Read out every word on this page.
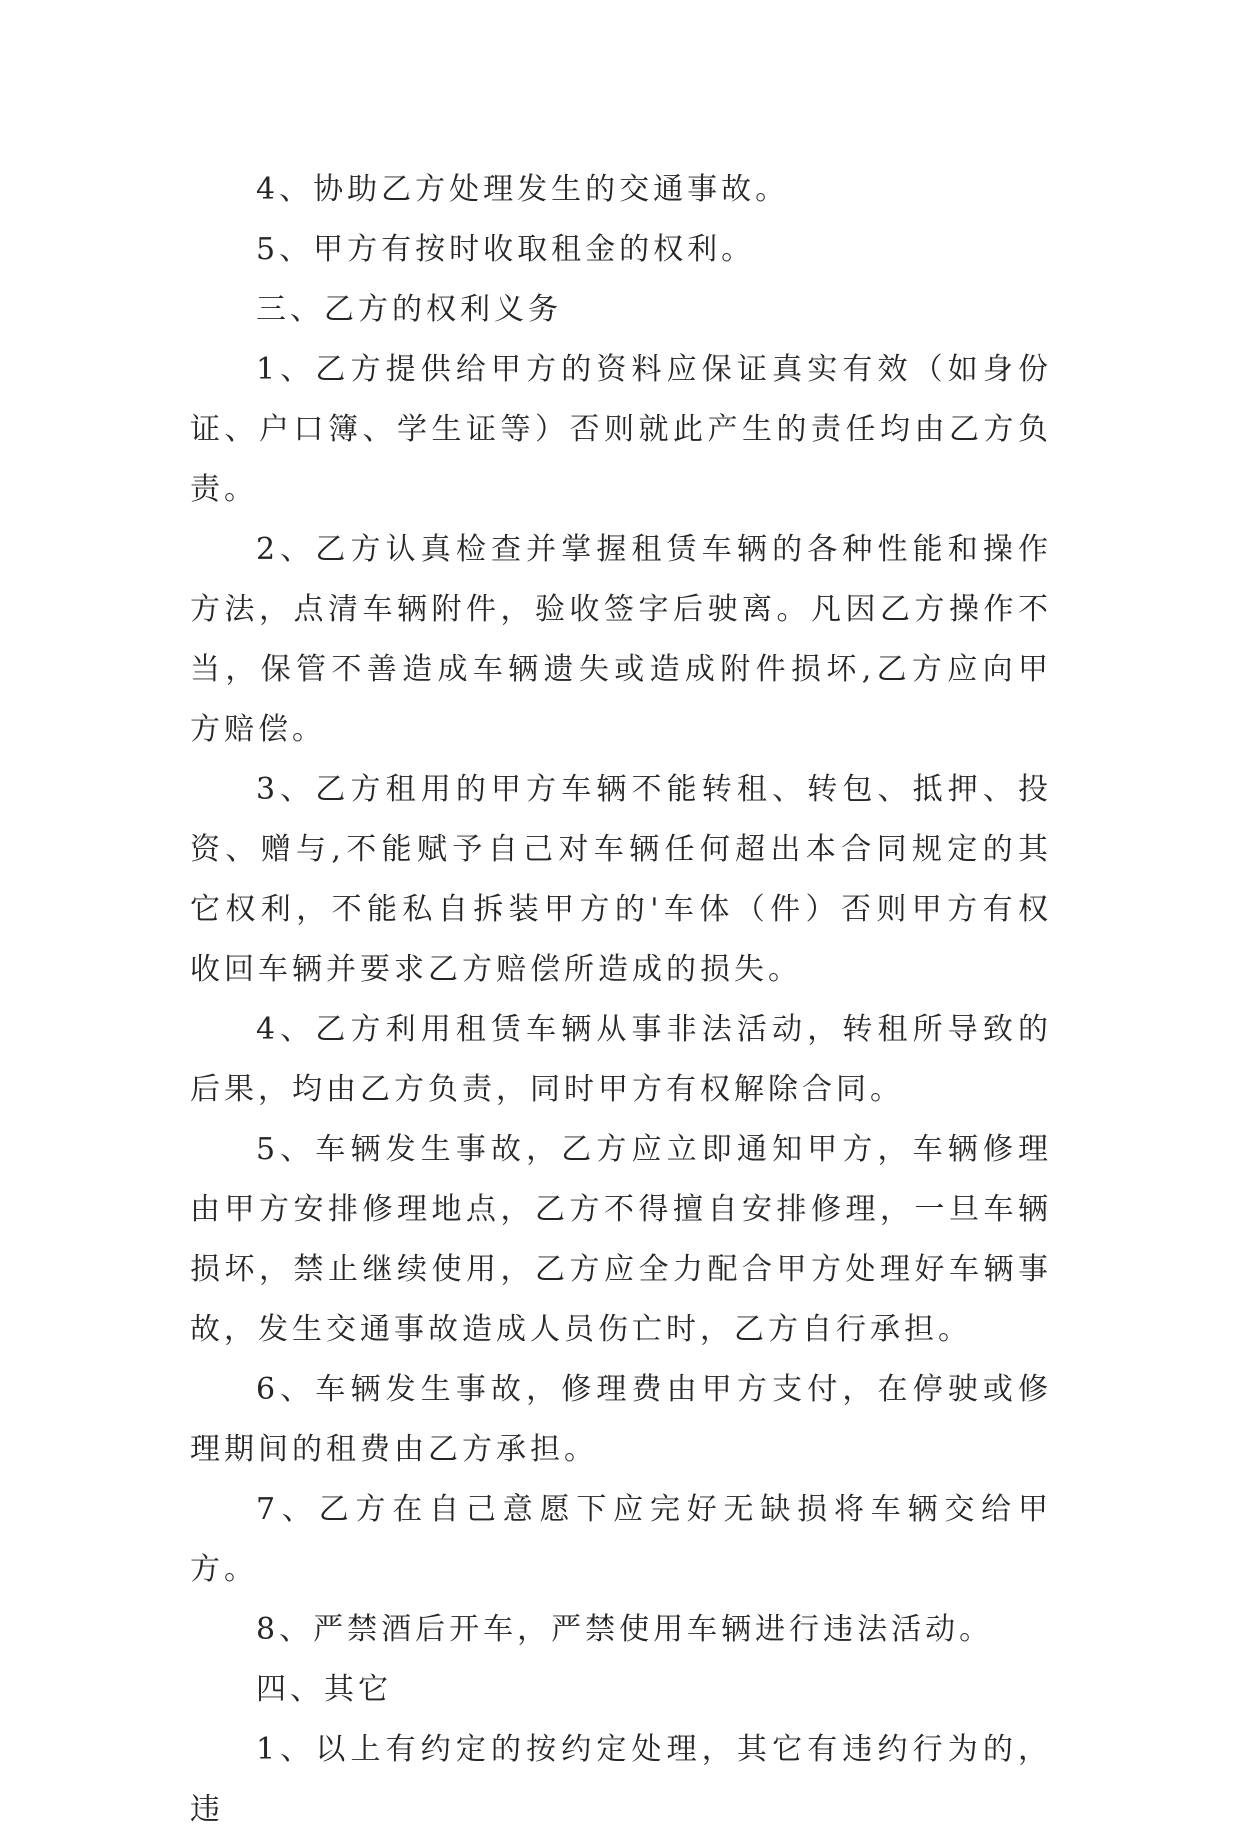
4、协助乙方处理发生的交通事故。

5、甲方有按时收取租金的权利。

三、乙方的权利义务

1、乙方提供给甲方的资料应保证真实有效（如身份证、户口簿、学生证等）否则就此产生的责任均由乙方负责。

2、乙方认真检查并掌握租赁车辆的各种性能和操作方法，点清车辆附件，验收签字后驶离。凡因乙方操作不当，保管不善造成车辆遗失或造成附件损坏,乙方应向甲方赔偿。

3、乙方租用的甲方车辆不能转租、转包、抵押、投资、赠与,不能赋予自己对车辆任何超出本合同规定的其它权利，不能私自拆装甲方的'车体（件）否则甲方有权收回车辆并要求乙方赔偿所造成的损失。

4、乙方利用租赁车辆从事非法活动，转租所导致的后果，均由乙方负责，同时甲方有权解除合同。

5、车辆发生事故，乙方应立即通知甲方，车辆修理由甲方安排修理地点，乙方不得擅自安排修理，一旦车辆损坏，禁止继续使用，乙方应全力配合甲方处理好车辆事故，发生交通事故造成人员伤亡时，乙方自行承担。

6、车辆发生事故，修理费由甲方支付，在停驶或修理期间的租费由乙方承担。

7、乙方在自己意愿下应完好无缺损将车辆交给甲方。

8、严禁酒后开车，严禁使用车辆进行违法活动。

四、其它

1、以上有约定的按约定处理，其它有违约行为的，违
